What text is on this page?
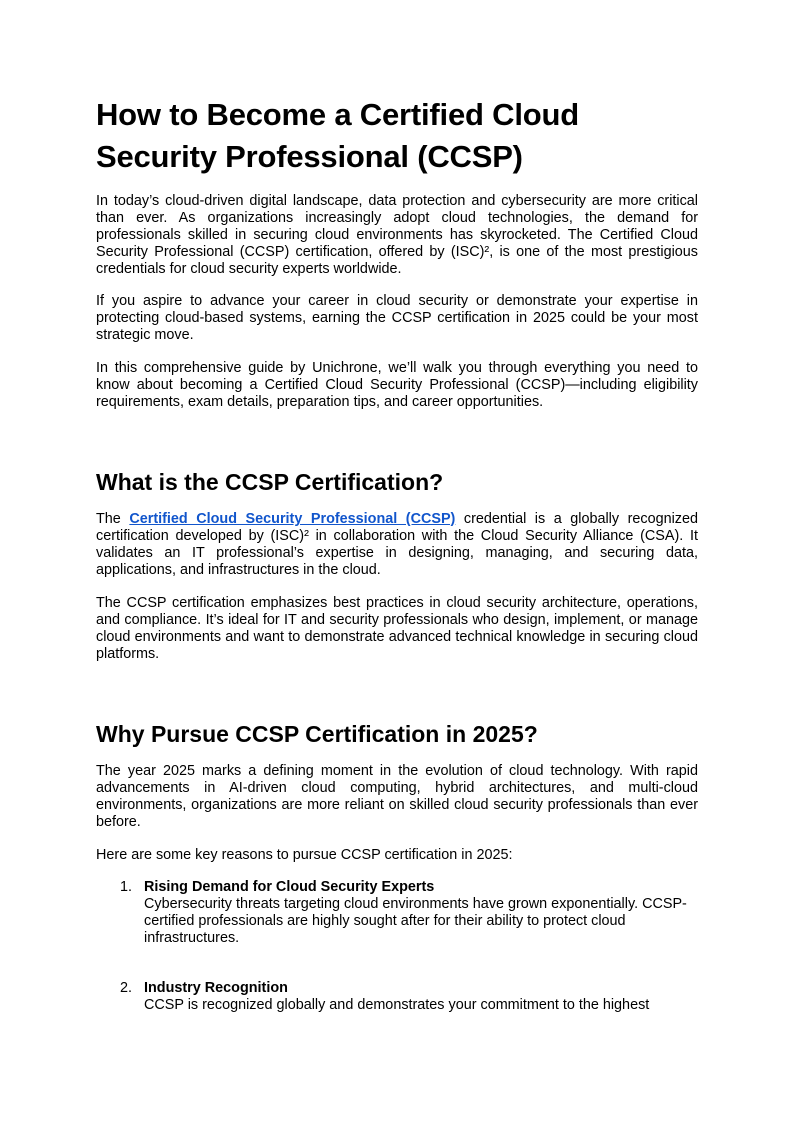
How to Become a Certified Cloud Security Professional (CCSP)

In today’s cloud-driven digital landscape, data protection and cybersecurity are more critical than ever. As organizations increasingly adopt cloud technologies, the demand for professionals skilled in securing cloud environments has skyrocketed. The Certified Cloud Security Professional (CCSP) certification, offered by (ISC)², is one of the most prestigious credentials for cloud security experts worldwide.

If you aspire to advance your career in cloud security or demonstrate your expertise in protecting cloud-based systems, earning the CCSP certification in 2025 could be your most strategic move.

In this comprehensive guide by Unichrone, we’ll walk you through everything you need to know about becoming a Certified Cloud Security Professional (CCSP)—including eligibility requirements, exam details, preparation tips, and career opportunities.

What is the CCSP Certification?

The Certified Cloud Security Professional (CCSP) credential is a globally recognized certification developed by (ISC)² in collaboration with the Cloud Security Alliance (CSA). It validates an IT professional’s expertise in designing, managing, and securing data, applications, and infrastructures in the cloud.

The CCSP certification emphasizes best practices in cloud security architecture, operations, and compliance. It’s ideal for IT and security professionals who design, implement, or manage cloud environments and want to demonstrate advanced technical knowledge in securing cloud platforms.

Why Pursue CCSP Certification in 2025?

The year 2025 marks a defining moment in the evolution of cloud technology. With rapid advancements in AI-driven cloud computing, hybrid architectures, and multi-cloud environments, organizations are more reliant on skilled cloud security professionals than ever before.

Here are some key reasons to pursue CCSP certification in 2025:

1. Rising Demand for Cloud Security Experts
Cybersecurity threats targeting cloud environments have grown exponentially. CCSP-certified professionals are highly sought after for their ability to protect cloud infrastructures.
2. Industry Recognition
CCSP is recognized globally and demonstrates your commitment to the highest
